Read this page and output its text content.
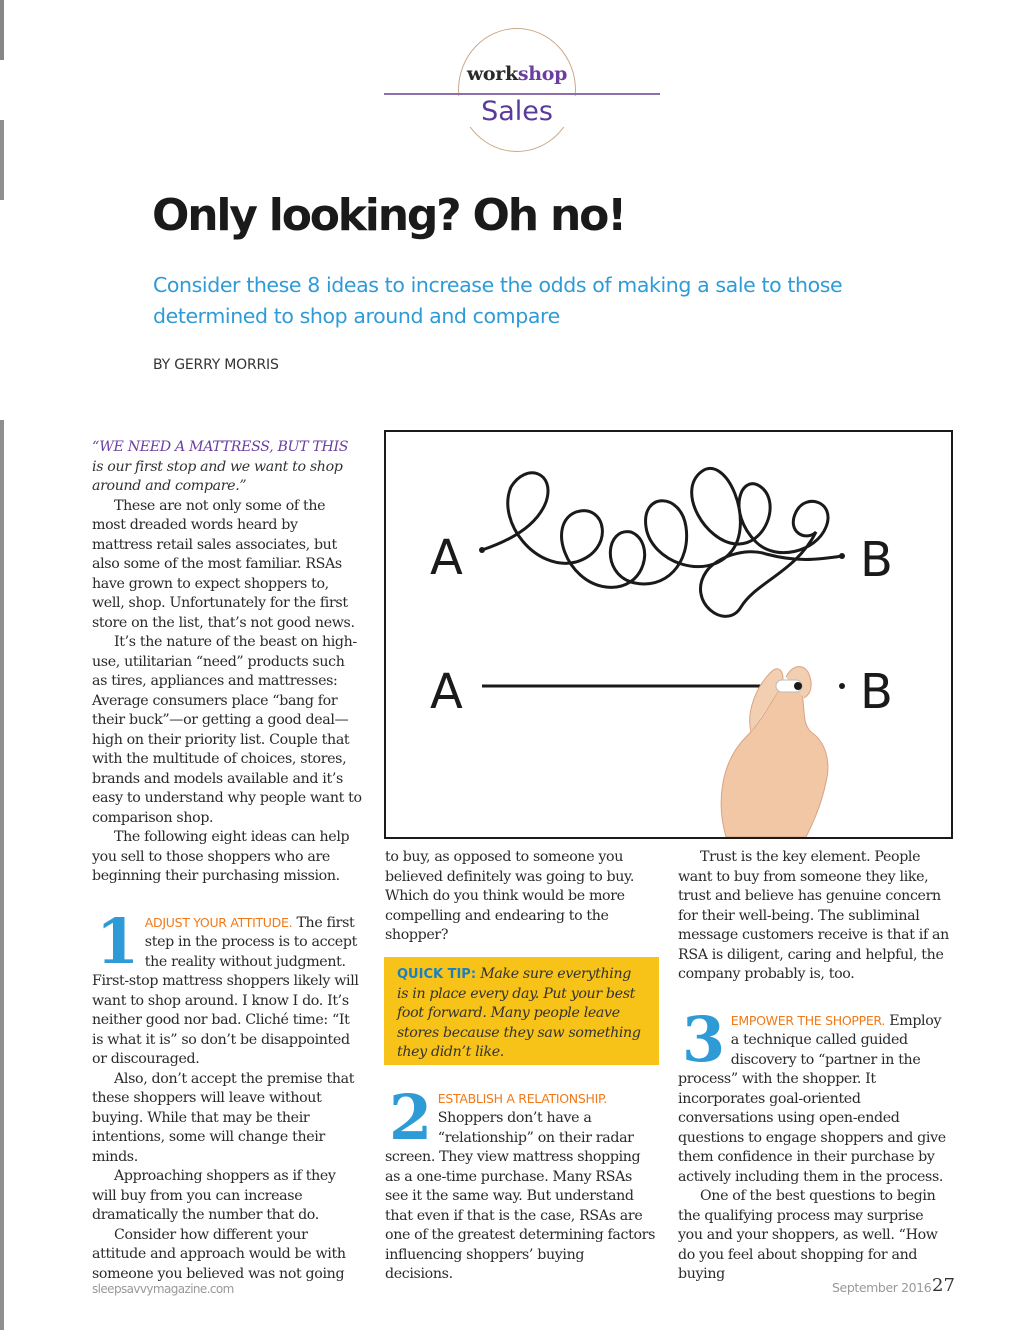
workshop
Sales
Only looking? Oh no!
Consider these 8 ideas to increase the odds of making a sale to those determined to shop around and compare
BY GERRY MORRIS

“WE NEED A MATTRESS, BUT THIS is our first stop and we want to shop around and compare.”

These are not only some of the most dreaded words heard by mattress retail sales associates, but also some of the most familiar. RSAs have grown to expect shoppers to, well, shop. Unfortunately for the first store on the list, that’s not good news.

It’s the nature of the beast on high-use, utilitarian “need” products such as tires, appliances and mattresses: Average consumers place “bang for their buck”—or getting a good deal—high on their priority list. Couple that with the multitude of choices, stores, brands and models available and it’s easy to understand why people want to comparison shop.

The following eight ideas can help you sell to those shoppers who are beginning their purchasing mission.

1 ADJUST YOUR ATTITUDE. The first step in the process is to accept the reality without judgment. First-stop mattress shoppers likely will want to shop around. I know I do. It’s neither good nor bad. Cliché time: “It is what it is” so don’t be disappointed or discouraged.

Also, don’t accept the premise that these shoppers will leave without buying. While that may be their intentions, some will change their minds.

Approaching shoppers as if they will buy from you can increase dramatically the number that do.

Consider how different your attitude and approach would be with someone you believed was not going

A	B
A	B

to buy, as opposed to someone you believed definitely was going to buy. Which do you think would be more compelling and endearing to the shopper?

2 ESTABLISH A RELATIONSHIP. Shoppers don’t have a “relationship” on their radar screen. They view mattress shopping as a one-time purchase. Many RSAs see it the same way. But understand that even if that is the case, RSAs are one of the greatest determining factors influencing shoppers’ buying decisions.
QUICK TIP: Make sure everything is in place every day. Put your best foot forward. Many people leave stores because they saw something they didn’t like.

Trust is the key element. People want to buy from someone they like, trust and believe has genuine concern for their well-being. The subliminal message customers receive is that if an RSA is diligent, caring and helpful, the company probably is, too.

3 EMPOWER THE SHOPPER. Employ a technique called guided discovery to “partner in the process” with the shopper. It incorporates goal-oriented conversations using open-ended questions to engage shoppers and give them confidence in their purchase by actively including them in the process.

One of the best questions to begin the qualifying process may surprise you and your shoppers, as well. “How do you feel about shopping for and buying

sleepsavvymagazine.com	September 2016 27
